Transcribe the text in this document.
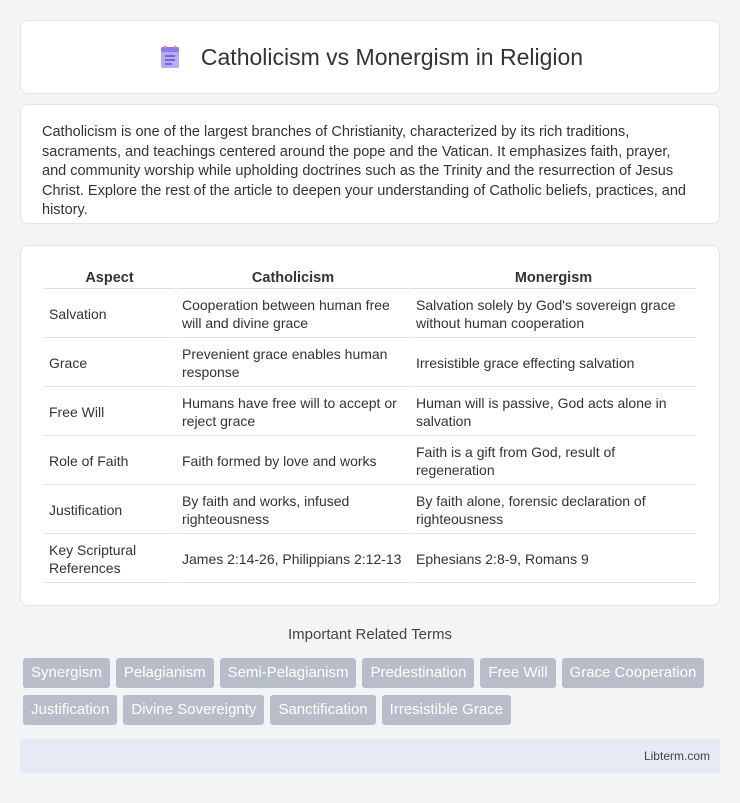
Catholicism vs Monergism in Religion

Catholicism is one of the largest branches of Christianity, characterized by its rich traditions, sacraments, and teachings centered around the pope and the Vatican. It emphasizes faith, prayer, and community worship while upholding doctrines such as the Trinity and the resurrection of Jesus Christ. Explore the rest of the article to deepen your understanding of Catholic beliefs, practices, and history.

Aspect	Catholicism	Monergism
Salvation	Cooperation between human free will and divine grace	Salvation solely by God's sovereign grace without human cooperation
Grace	Prevenient grace enables human response	Irresistible grace effecting salvation
Free Will	Humans have free will to accept or reject grace	Human will is passive, God acts alone in salvation
Role of Faith	Faith formed by love and works	Faith is a gift from God, result of regeneration
Justification	By faith and works, infused righteousness	By faith alone, forensic declaration of righteousness
Key Scriptural References	James 2:14-26, Philippians 2:12-13	Ephesians 2:8-9, Romans 9
Important Related Terms
Synergism	Pelagianism	Semi-Pelagianism	Predestination	Free Will	Grace Cooperation
Justification	Divine Sovereignty	Sanctification	Irresistible Grace
Libterm.com
